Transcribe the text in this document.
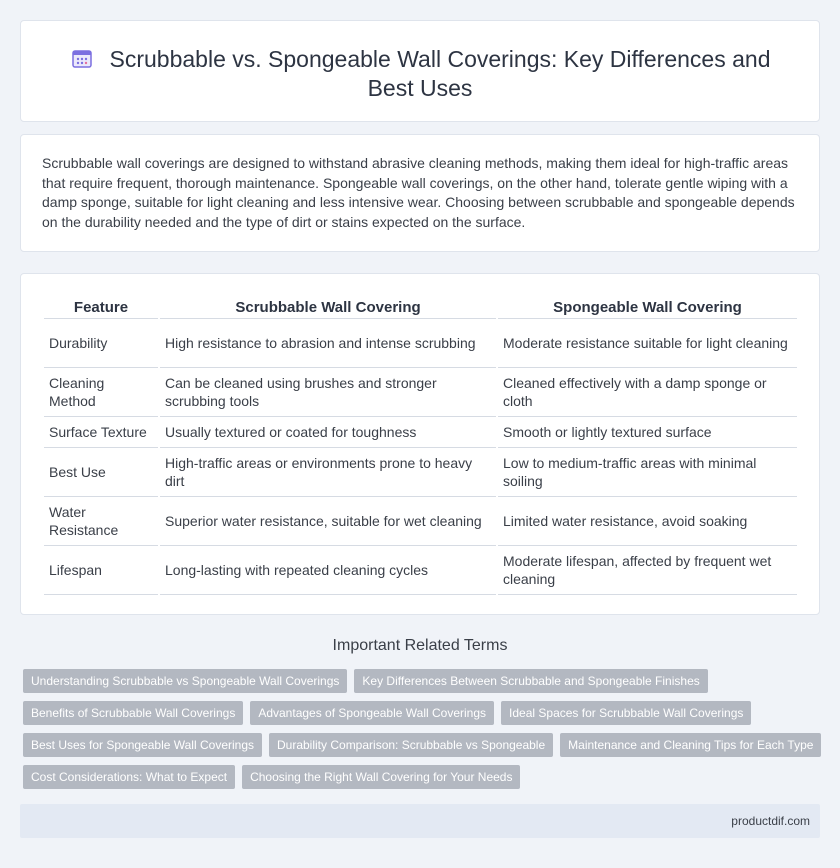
Scrubbable vs. Spongeable Wall Coverings: Key Differences and Best Uses

Scrubbable wall coverings are designed to withstand abrasive cleaning methods, making them ideal for high-traffic areas that require frequent, thorough maintenance. Spongeable wall coverings, on the other hand, tolerate gentle wiping with a damp sponge, suitable for light cleaning and less intensive wear. Choosing between scrubbable and spongeable depends on the durability needed and the type of dirt or stains expected on the surface.

Feature	Scrubbable Wall Covering	Spongeable Wall Covering
Durability	High resistance to abrasion and intense scrubbing	Moderate resistance suitable for light cleaning
Cleaning Method	Can be cleaned using brushes and stronger scrubbing tools	Cleaned effectively with a damp sponge or cloth
Surface Texture	Usually textured or coated for toughness	Smooth or lightly textured surface
Best Use	High-traffic areas or environments prone to heavy dirt	Low to medium-traffic areas with minimal soiling
Water Resistance	Superior water resistance, suitable for wet cleaning	Limited water resistance, avoid soaking
Lifespan	Long-lasting with repeated cleaning cycles	Moderate lifespan, affected by frequent wet cleaning
Important Related Terms
Understanding Scrubbable vs Spongeable Wall Coverings	Key Differences Between Scrubbable and Spongeable Finishes
Benefits of Scrubbable Wall Coverings	Advantages of Spongeable Wall Coverings	Ideal Spaces for Scrubbable Wall Coverings
Best Uses for Spongeable Wall Coverings	Durability Comparison: Scrubbable vs Spongeable	Maintenance and Cleaning Tips for Each Type
Cost Considerations: What to Expect	Choosing the Right Wall Covering for Your Needs
productdif.com
